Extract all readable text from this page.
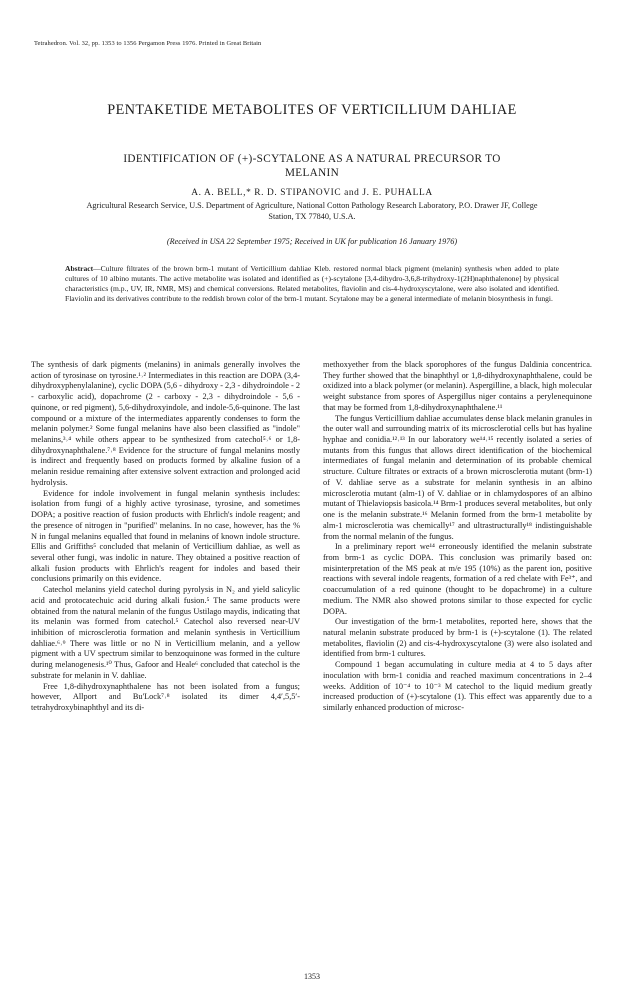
Tetrahedron. Vol. 32, pp. 1353 to 1356 Pergamon Press 1976. Printed in Great Britain
PENTAKETIDE METABOLITES OF VERTICILLIUM DAHLIAE
IDENTIFICATION OF (+)-SCYTALONE AS A NATURAL PRECURSOR TO MELANIN
A. A. BELL,* R. D. STIPANOVIC and J. E. PUHALLA
Agricultural Research Service, U.S. Department of Agriculture, National Cotton Pathology Research Laboratory, P.O. Drawer JF, College Station, TX 77840, U.S.A.
(Received in USA 22 September 1975; Received in UK for publication 16 January 1976)
Abstract—Culture filtrates of the brown brm-1 mutant of Verticillium dahliae Kleb. restored normal black pigment (melanin) synthesis when added to plate cultures of 10 albino mutants. The active metabolite was isolated and identified as (+)-scytalone [3,4-dihydro-3,6,8-trihydroxy-1(2H)naphthalenone] by physical characteristics (m.p., UV, IR, NMR, MS) and chemical conversions. Related metabolites, flaviolin and cis-4-hydroxyscytalone, were also isolated and identified. Flaviolin and its derivatives contribute to the reddish brown color of the brm-1 mutant. Scytalone may be a general intermediate of melanin biosynthesis in fungi.

The synthesis of dark pigments (melanins) in animals generally involves the action of tyrosinase on tyrosine.¹˒² Intermediates in this reaction are DOPA (3,4-dihydroxyphenylalanine), cyclic DOPA (5,6 - dihydroxy - 2,3 - dihydroindole - 2 - carboxylic acid), dopachrome (2 - carboxy - 2,3 - dihydroindole - 5,6 - quinone, or red pigment), 5,6-dihydroxyindole, and indole-5,6-quinone. The last compound or a mixture of the intermediates apparently condenses to form the melanin polymer.² Some fungal melanins have also been classified as "indole" melanins,³˒⁴ while others appear to be synthesized from catechol⁵˒⁶ or 1,8-dihydroxynaphthalene.⁷˒⁸ Evidence for the structure of fungal melanins mostly is indirect and frequently based on products formed by alkaline fusion of a melanin residue remaining after extensive solvent extraction and prolonged acid hydrolysis.

Evidence for indole involvement in fungal melanin synthesis includes: isolation from fungi of a highly active tyrosinase, tyrosine, and sometimes DOPA; a positive reaction of fusion products with Ehrlich's indole reagent; and the presence of nitrogen in "purified" melanins. In no case, however, has the % N in fungal melanins equalled that found in melanins of known indole structure. Ellis and Griffiths⁵ concluded that melanin of Verticillium dahliae, as well as several other fungi, was indolic in nature. They obtained a positive reaction of alkali fusion products with Ehrlich's reagent for indoles and based their conclusions primarily on this evidence.

Catechol melanins yield catechol during pyrolysis in N₂ and yield salicylic acid and protocatechuic acid during alkali fusion.⁵ The same products were obtained from the natural melanin of the fungus Ustilago maydis, indicating that its melanin was formed from catechol.⁵ Catechol also reversed near-UV inhibition of microsclerotia formation and melanin synthesis in Verticillium dahliae.⁶˒⁹ There was little or no N in Verticillium melanin, and a yellow pigment with a UV spectrum similar to benzoquinone was formed in the culture during melanogenesis.¹⁰ Thus, Gafoor and Heale⁶ concluded that catechol is the substrate for melanin in V. dahliae.

Free 1,8-dihydroxynaphthalene has not been isolated from a fungus; however, Allport and Bu'Lock⁷˒⁸ isolated its dimer 4,4′,5,5′-tetrahydroxybinaphthyl and its di-

methoxyether from the black sporophores of the fungus Daldinia concentrica. They further showed that the binaphthyl or 1,8-dihydroxynaphthalene, could be oxidized into a black polymer (or melanin). Aspergilline, a black, high molecular weight substance from spores of Aspergillus niger contains a perylenequinone that may be formed from 1,8-dihydroxynaphthalene.¹¹

The fungus Verticillium dahliae accumulates dense black melanin granules in the outer wall and surrounding matrix of its microsclerotial cells but has hyaline hyphae and conidia.¹²˒¹³ In our laboratory we¹⁴˒¹⁵ recently isolated a series of mutants from this fungus that allows direct identification of the biochemical intermediates of fungal melanin and determination of its probable chemical structure. Culture filtrates or extracts of a brown microsclerotia mutant (brm-1) of V. dahliae serve as a substrate for melanin synthesis in an albino microsclerotia mutant (alm-1) of V. dahliae or in chlamydospores of an albino mutant of Thielaviopsis basicola.¹⁴ Brm-1 produces several metabolites, but only one is the melanin substrate.¹⁶ Melanin formed from the brm-1 metabolite by alm-1 microsclerotia was chemically¹⁷ and ultrastructurally¹⁸ indistinguishable from the normal melanin of the fungus.

In a preliminary report we¹⁴ erroneously identified the melanin substrate from brm-1 as cyclic DOPA. This conclusion was primarily based on: misinterpretation of the MS peak at m/e 195 (10%) as the parent ion, positive reactions with several indole reagents, formation of a red chelate with Fe³⁺, and coaccumulation of a red quinone (thought to be dopachrome) in a culture medium. The NMR also showed protons similar to those expected for cyclic DOPA.

Our investigation of the brm-1 metabolites, reported here, shows that the natural melanin substrate produced by brm-1 is (+)-scytalone (1). The related metabolites, flaviolin (2) and cis-4-hydroxyscytalone (3) were also isolated and identified from brm-1 cultures.

Compound 1 began accumulating in culture media at 4 to 5 days after inoculation with brm-1 conidia and reached maximum concentrations in 2–4 weeks. Addition of 10⁻⁴ to 10⁻³ M catechol to the liquid medium greatly increased production of (+)-scytalone (1). This effect was apparently due to a similarly enhanced production of microsc-

1353
